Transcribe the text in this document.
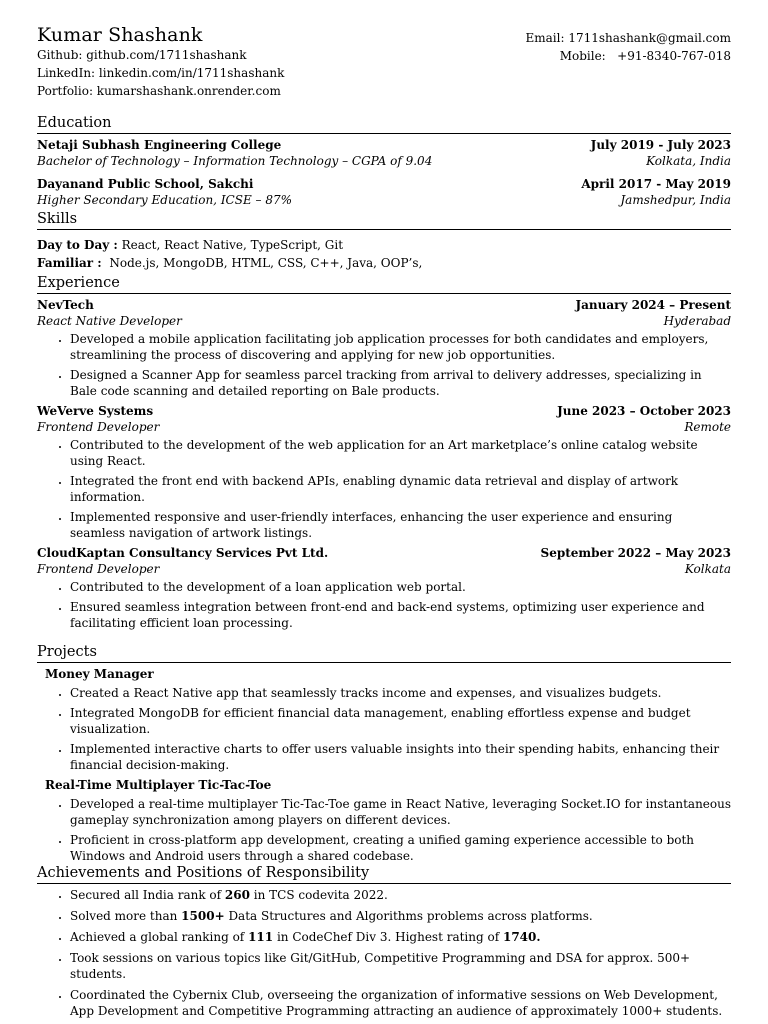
Kumar Shashank
Github: github.com/1711shashank
LinkedIn: linkedin.com/in/1711shashank
Portfolio: kumarshashank.onrender.com
Email: 1711shashank@gmail.com
Mobile:   +91-8340-767-018
Education
Netaji Subhash Engineering College	July 2019 - July 2023
Bachelor of Technology – Information Technology – CGPA of 9.04	Kolkata, India
Dayanand Public School, Sakchi	April 2017 - May 2019
Higher Secondary Education, ICSE – 87%	Jamshedpur, India
Skills
Day to Day : React, React Native, TypeScript, Git
Familiar :  Node.js, MongoDB, HTML, CSS, C++, Java, OOP’s,
Experience
NevTech	January 2024 – Present
React Native Developer	Hyderabad
• Developed a mobile application facilitating job application processes for both candidates and employers, streamlining the process of discovering and applying for new job opportunities.
• Designed a Scanner App for seamless parcel tracking from arrival to delivery addresses, specializing in Bale code scanning and detailed reporting on Bale products.
WeVerve Systems	June 2023 – October 2023
Frontend Developer	Remote
• Contributed to the development of the web application for an Art marketplace’s online catalog website using React.
• Integrated the front end with backend APIs, enabling dynamic data retrieval and display of artwork information.
• Implemented responsive and user-friendly interfaces, enhancing the user experience and ensuring seamless navigation of artwork listings.
CloudKaptan Consultancy Services Pvt Ltd.	September 2022 – May 2023
Frontend Developer	Kolkata
• Contributed to the development of a loan application web portal.
• Ensured seamless integration between front-end and back-end systems, optimizing user experience and facilitating efficient loan processing.
Projects
Money Manager
• Created a React Native app that seamlessly tracks income and expenses, and visualizes budgets.
• Integrated MongoDB for efficient financial data management, enabling effortless expense and budget visualization.
• Implemented interactive charts to offer users valuable insights into their spending habits, enhancing their financial decision-making.
Real-Time Multiplayer Tic-Tac-Toe
• Developed a real-time multiplayer Tic-Tac-Toe game in React Native, leveraging Socket.IO for instantaneous gameplay synchronization among players on different devices.
• Proficient in cross-platform app development, creating a unified gaming experience accessible to both Windows and Android users through a shared codebase.
Achievements and Positions of Responsibility
• Secured all India rank of 260 in TCS codevita 2022.
• Solved more than 1500+ Data Structures and Algorithms problems across platforms.
• Achieved a global ranking of 111 in CodeChef Div 3. Highest rating of 1740.
• Took sessions on various topics like Git/GitHub, Competitive Programming and DSA for approx. 500+ students.
• Coordinated the Cybernix Club, overseeing the organization of informative sessions on Web Development, App Development and Competitive Programming attracting an audience of approximately 1000+ students.
